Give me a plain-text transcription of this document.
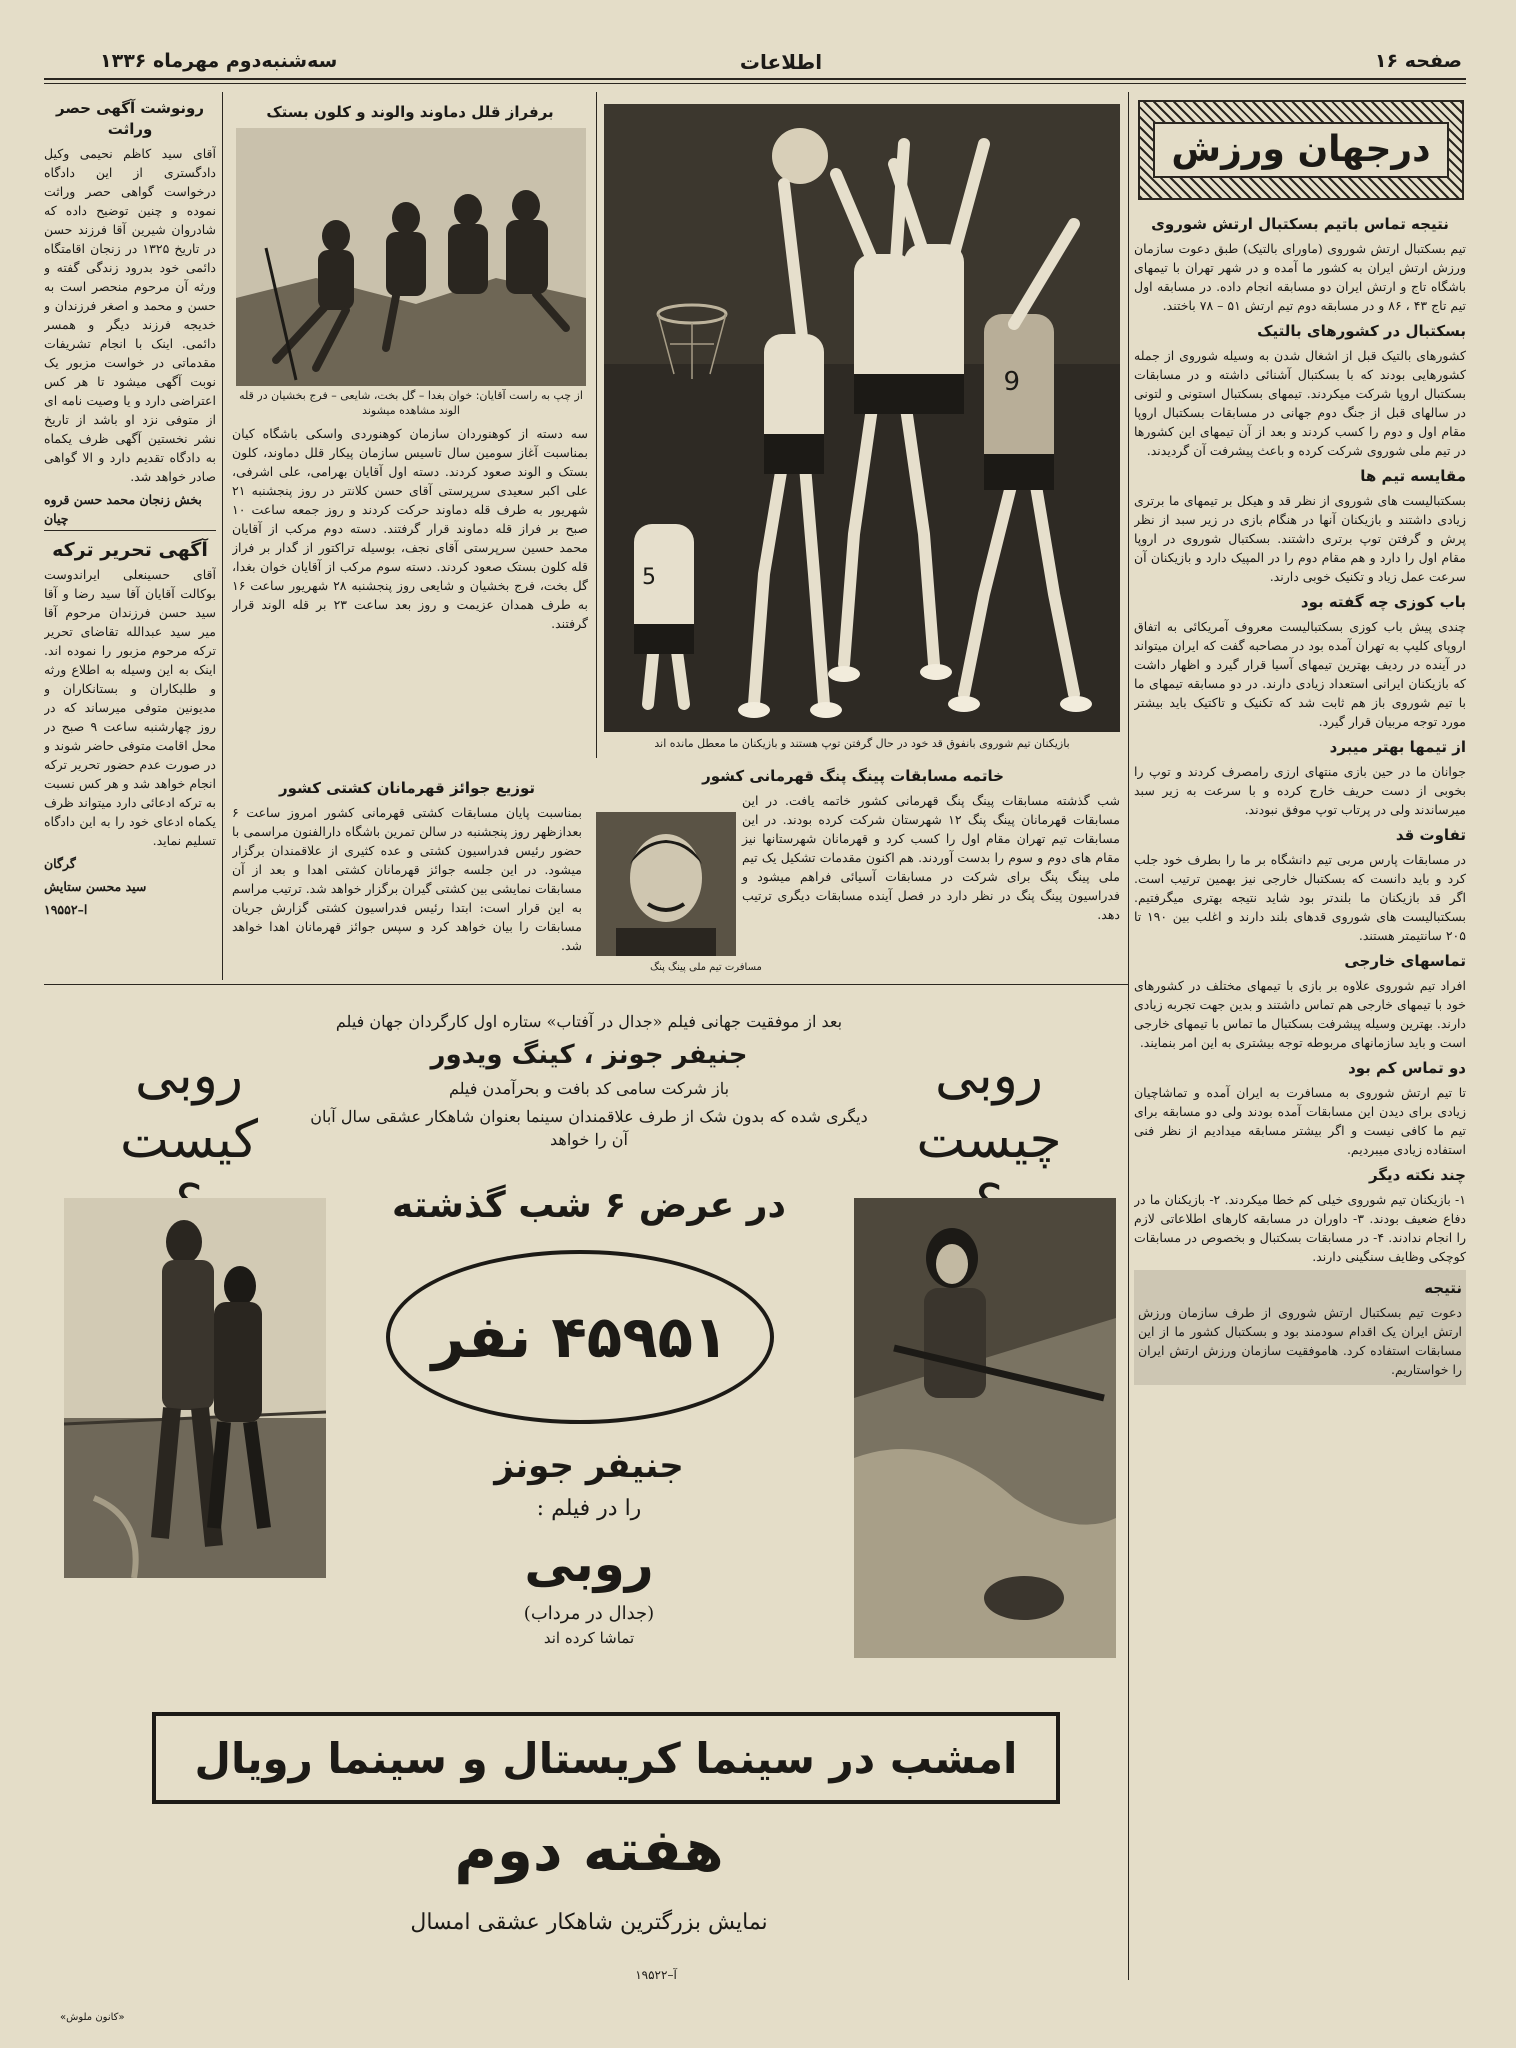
صفحه ۱۶
اطلاعات
سه‌شنبه‌دوم مهرماه ۱۳۳۶
درجهان ورزش
نتیجه تماس باتیم بسکتبال ارتش شوروی

تیم بسکتبال ارتش شوروی (ماورای بالتیک) طبق دعوت سازمان ورزش ارتش ایران به کشور ما آمده و در شهر تهران با تیمهای باشگاه تاج و ارتش ایران دو مسابقه انجام داده. در مسابقه اول تیم تاج ۴۳ ، ۸۶ و در مسابقه دوم تیم ارتش ۵۱ – ۷۸ باختند.

بسکتبال در کشورهای بالتیک

کشورهای بالتیک قبل از اشغال شدن به وسیله شوروی از جمله کشورهایی بودند که با بسکتبال آشنائی داشته و در مسابقات بسکتبال اروپا شرکت میکردند. تیمهای بسکتبال استونی و لتونی در سالهای قبل از جنگ دوم جهانی در مسابقات بسکتبال اروپا مقام اول و دوم را کسب کردند و بعد از آن تیمهای این کشورها در تیم ملی شوروی شرکت کرده و باعث پیشرفت آن گردیدند.

مقایسه تیم ها

بسکتبالیست های شوروی از نظر قد و هیکل بر تیمهای ما برتری زیادی داشتند و بازیکنان آنها در هنگام بازی در زیر سبد از نظر پرش و گرفتن توپ برتری داشتند. بسکتبال شوروی در اروپا مقام اول را دارد و هم مقام دوم را در المپیک دارد و بازیکنان آن سرعت عمل زیاد و تکنیک خوبی دارند.

باب کوزی چه گفته بود

چندی پیش باب کوزی بسکتبالیست معروف آمریکائی به اتفاق اروپای کلیپ به تهران آمده بود در مصاحبه گفت که ایران میتواند در آینده در ردیف بهترین تیمهای آسیا قرار گیرد و اظهار داشت که بازیکنان ایرانی استعداد زیادی دارند. در دو مسابقه تیمهای ما با تیم شوروی باز هم ثابت شد که تکنیک و تاکتیک باید بیشتر مورد توجه مربیان قرار گیرد.

از تیمها بهتر میبرد

جوانان ما در حین بازی منتهای ارزی رامصرف کردند و توپ را بخوبی از دست حریف خارج کرده و با سرعت به زیر سبد میرساندند ولی در پرتاب توپ موفق نبودند.

تفاوت قد

در مسابقات پارس مربی تیم دانشگاه بر ما را بطرف خود جلب کرد و باید دانست که بسکتبال خارجی نیز بهمین ترتیب است. اگر قد بازیکنان ما بلندتر بود شاید نتیجه بهتری میگرفتیم. بسکتبالیست های شوروی قدهای بلند دارند و اغلب بین ۱۹۰ تا ۲۰۵ سانتیمتر هستند.

تماسهای خارجی

افراد تیم شوروی علاوه بر بازی با تیمهای مختلف در کشورهای خود با تیمهای خارجی هم تماس داشتند و بدین جهت تجربه زیادی دارند. بهترین وسیله پیشرفت بسکتبال ما تماس با تیمهای خارجی است و باید سازمانهای مربوطه توجه بیشتری به این امر بنمایند.

دو تماس کم بود

تا تیم ارتش شوروی به مسافرت به ایران آمده و تماشاچیان زیادی برای دیدن این مسابقات آمده بودند ولی دو مسابقه برای تیم ما کافی نیست و اگر بیشتر مسابقه میدادیم از نظر فنی استفاده زیادی میبردیم.

چند نکته دیگر

۱- بازیکنان تیم شوروی خیلی کم خطا میکردند. ۲- بازیکنان ما در دفاع ضعیف بودند. ۳- داوران در مسابقه کارهای اطلاعاتی لازم را انجام ندادند. ۴- در مسابقات بسکتبال و بخصوص در مسابقات کوچکی وظایف سنگینی دارند.

نتیجه

دعوت تیم بسکتبال ارتش شوروی از طرف سازمان ورزش ارتش ایران یک اقدام سودمند بود و بسکتبال کشور ما از این مسابقات استفاده کرد. هاموفقیت سازمان ورزش ارتش ایران را خواستاریم.

9
5
بازیکنان تیم شوروی بانفوق قد خود در حال گرفتن توپ هستند و بازیکنان ما معطل مانده اند
خاتمه مسابقات پینگ پنگ قهرمانی کشور

شب گذشته مسابقات پینگ پنگ قهرمانی کشور خاتمه یافت. در این مسابقات قهرمانان پینگ پنگ ۱۲ شهرستان شرکت کرده بودند. در این مسابقات تیم تهران مقام اول را کسب کرد و قهرمانان شهرستانها نیز مقام های دوم و سوم را بدست آوردند. هم اکنون مقدمات تشکیل یک تیم ملی پینگ پنگ برای شرکت در مسابقات آسیائی فراهم میشود و فدراسیون پینگ پنگ در نظر دارد در فصل آینده مسابقات دیگری ترتیب دهد.

مسافرت تیم ملی پینگ پنگ
برفراز قلل دماوند والوند و کلون بستک
از چپ به راست آقایان: خوان بغدا – گل بخت، شایعی – فرج بخشیان در قله الوند مشاهده میشوند

سه دسته از کوهنوردان سازمان کوهنوردی واسکی باشگاه کیان بمناسبت آغاز سومین سال تاسیس سازمان پیکار قلل دماوند، کلون بستک و الوند صعود کردند. دسته اول آقایان بهرامی، علی اشرفی، علی اکبر سعیدی سرپرستی آقای حسن کلانتر در روز پنجشنبه ۲۱ شهریور به طرف قله دماوند حرکت کردند و روز جمعه ساعت ۱۰ صبح بر فراز قله دماوند قرار گرفتند. دسته دوم مرکب از آقایان محمد حسین سرپرستی آقای نجف، بوسیله تراکتور از گدار بر فراز قله کلون بستک صعود کردند. دسته سوم مرکب از آقایان خوان بغدا، گل بخت، فرج بخشیان و شایعی روز پنجشنبه ۲۸ شهریور ساعت ۱۶ به طرف همدان عزیمت و روز بعد ساعت ۲۳ بر قله الوند قرار گرفتند.

توزیع جوائز قهرمانان کشتی کشور

بمناسبت پایان مسابقات کشتی قهرمانی کشور امروز ساعت ۶ بعدازظهر روز پنجشنبه در سالن تمرین باشگاه دارالفنون مراسمی با حضور رئیس فدراسیون کشتی و عده کثیری از علاقمندان برگزار میشود. در این جلسه جوائز قهرمانان کشتی اهدا و بعد از آن مسابقات نمایشی بین کشتی گیران برگزار خواهد شد. ترتیب مراسم به این قرار است: ابتدا رئیس فدراسیون کشتی گزارش جریان مسابقات را بیان خواهد کرد و سپس جوائز قهرمانان اهدا خواهد شد.

رونوشت آگهی حصر وراثت

آقای سید کاظم نحیمی وکیل دادگستری از این دادگاه درخواست گواهی حصر وراثت نموده و چنین توضیح داده که شادروان شیرین آقا فرزند حسن در تاریخ ۱۳۲۵ در زنجان اقامتگاه دائمی خود بدرود زندگی گفته و ورثه آن مرحوم منحصر است به حسن و محمد و اصغر فرزندان و خدیجه فرزند دیگر و همسر دائمی. اینک با انجام تشریفات مقدماتی در خواست مزبور یک نوبت آگهی میشود تا هر کس اعتراضی دارد و یا وصیت نامه ای از متوفی نزد او باشد از تاریخ نشر نخستین آگهی ظرف یکماه به دادگاه تقدیم دارد و الا گواهی صادر خواهد شد.

بخش زنجان محمد حسن قروه چیان

آگهی تحریر ترکه

آقای حسینعلی ایراندوست بوکالت آقایان آقا سید رضا و آقا سید حسن فرزندان مرحوم آقا میر سید عبدالله تقاضای تحریر ترکه مرحوم مزبور را نموده اند. اینک به این وسیله به اطلاع ورثه و طلبکاران و بستانکاران و مدیونین متوفی میرساند که در روز چهارشنبه ساعت ۹ صبح در محل اقامت متوفی حاضر شوند و در صورت عدم حضور تحریر ترکه انجام خواهد شد و هر کس نسبت به ترکه ادعائی دارد میتواند ظرف یکماه ادعای خود را به این دادگاه تسلیم نماید.

گرگان

سید محسن ستایش

ا–۱۹۵۵۲

روبی کیست
روبی چیست
بعد از موفقیت جهانی فیلم «جدال در آفتاب» ستاره اول کارگردان جهان فیلم
جنیفر جونز ، کینگ ویدور
باز شرکت سامی کد بافت و بحرآمدن فیلم
دیگری شده که بدون شک از طرف علاقمندان سینما بعنوان شاهکار عشقی سال آبان آن را خواهد
در عرض ۶ شب گذشته
۴۵۹۵۱ نفر
جنیفر جونز
را در فیلم :
روبی
(جدال در مرداب)
تماشا کرده اند
امشب در سینما کریستال و سینما رویال
هفته دوم
نمایش بزرگترین شاهکار عشقی امسال
آ–۱۹۵۲۲
«کانون ملوش»
